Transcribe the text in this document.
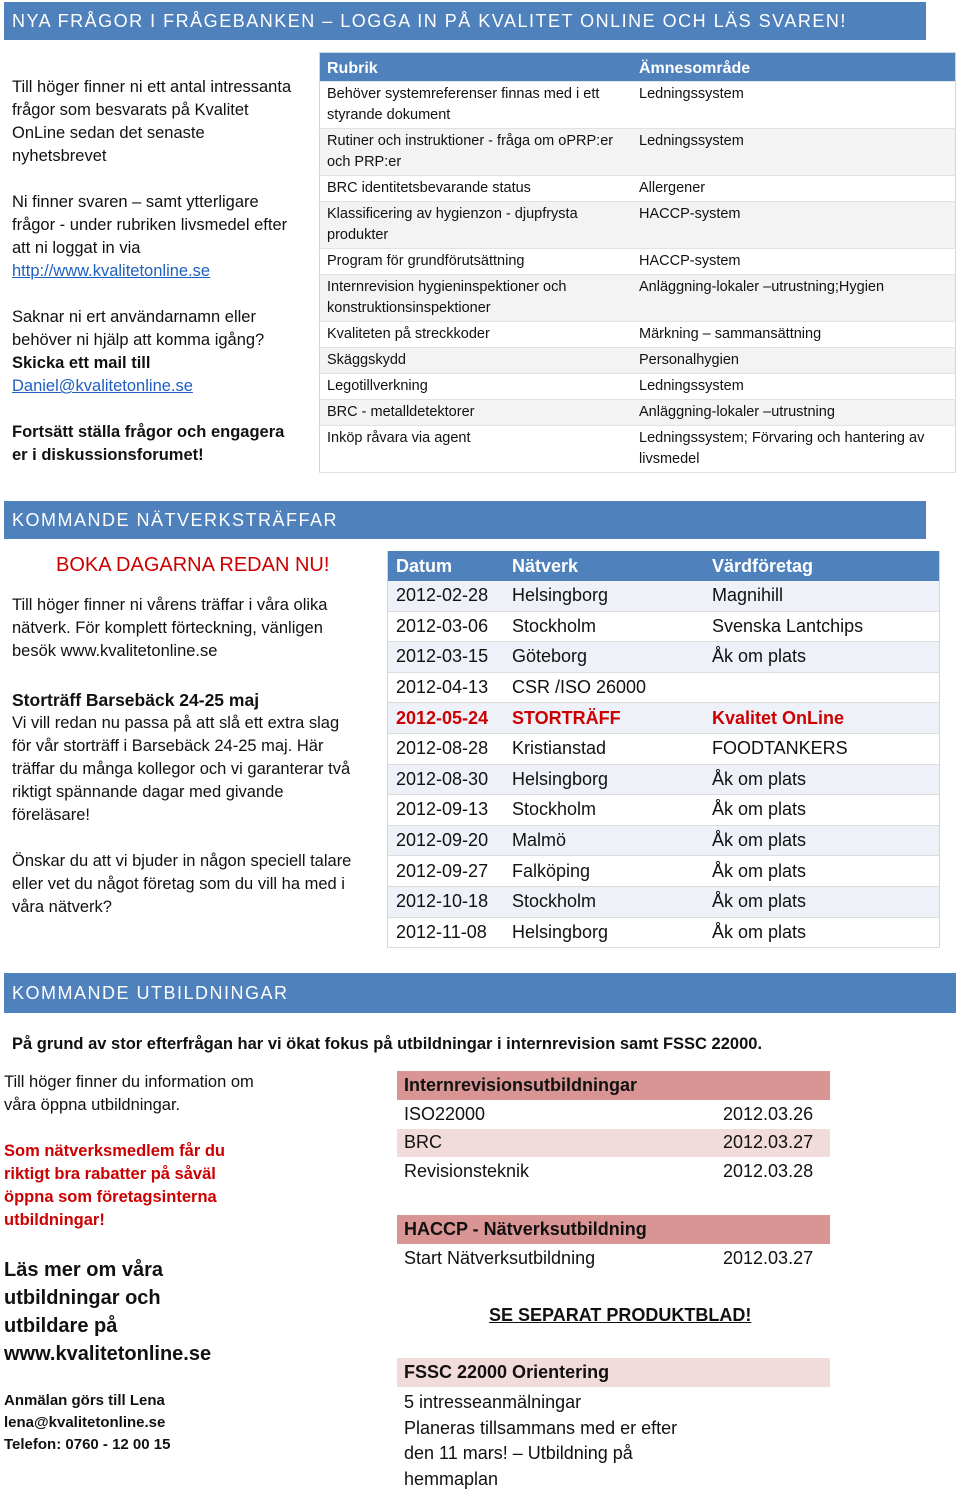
NYA FRÅGOR I FRÅGEBANKEN – LOGGA IN PÅ KVALITET ONLINE OCH LÄS SVAREN!
Till höger finner ni ett antal intressanta frågor som besvarats på Kvalitet OnLine sedan det senaste nyhetsbrevet
Ni finner svaren – samt ytterligare frågor - under rubriken livsmedel efter att ni loggat in via
http://www.kvalitetonline.se
Saknar ni ert användarnamn eller behöver ni hjälp att komma igång?
Skicka ett mail till
Daniel@kvalitetonline.se
Fortsätt ställa frågor och engagera er i diskussionsforumet!
Rubrik	Ämnesområde
Behöver systemreferenser finnas med i ett styrande dokument	Ledningssystem
Rutiner och instruktioner - fråga om oPRP:er och PRP:er	Ledningssystem
BRC identitetsbevarande status	Allergener
Klassificering av hygienzon - djupfrysta produkter	HACCP-system
Program för grundförutsättning	HACCP-system
Internrevision hygieninspektioner och konstruktionsinspektioner	Anläggning-lokaler –utrustning;Hygien
Kvaliteten på streckkoder	Märkning – sammansättning
Skäggskydd	Personalhygien
Legotillverkning	Ledningssystem
BRC - metalldetektorer	Anläggning-lokaler –utrustning
Inköp råvara via agent	Ledningssystem; Förvaring och hantering av livsmedel
KOMMANDE NÄTVERKSTRÄFFAR
BOKA DAGARNA REDAN NU!
Till höger finner ni vårens träffar i våra olika nätverk. För komplett förteckning, vänligen besök www.kvalitetonline.se
Storträff Barsebäck 24-25 maj
Vi vill redan nu passa på att slå ett extra slag för vår storträff i Barsebäck 24-25 maj. Här träffar du många kollegor och vi garanterar två riktigt spännande dagar med givande föreläsare!
Önskar du att vi bjuder in någon speciell talare eller vet du något företag som du vill ha med i våra nätverk?
Datum	Nätverk	Värdföretag
2012-02-28	Helsingborg	Magnihill
2012-03-06	Stockholm	Svenska Lantchips
2012-03-15	Göteborg	Åk om plats
2012-04-13	CSR /ISO 26000	
2012-05-24	STORTRÄFF	Kvalitet OnLine
2012-08-28	Kristianstad	FOODTANKERS
2012-08-30	Helsingborg	Åk om plats
2012-09-13	Stockholm	Åk om plats
2012-09-20	Malmö	Åk om plats
2012-09-27	Falköping	Åk om plats
2012-10-18	Stockholm	Åk om plats
2012-11-08	Helsingborg	Åk om plats
KOMMANDE UTBILDNINGAR
På grund av stor efterfrågan har vi ökat fokus på utbildningar i internrevision samt FSSC 22000.
Till höger finner du information om våra öppna utbildningar.
Som nätverksmedlem får du riktigt bra rabatter på såväl öppna som företagsinterna utbildningar!
Läs mer om våra utbildningar och utbildare på www.kvalitetonline.se
Anmälan görs till Lena
lena@kvalitetonline.se
Telefon: 0760 - 12 00 15
Internrevisionsutbildningar	
ISO22000	2012.03.26
BRC	2012.03.27
Revisionsteknik	2012.03.28
HACCP - Nätverksutbildning
Start Nätverksutbildning	2012.03.27
SE SEPARAT PRODUKTBLAD!
FSSC 22000 Orientering
5 intresseanmälningar
Planeras tillsammans med er efter den 11 mars! – Utbildning på hemmaplan
